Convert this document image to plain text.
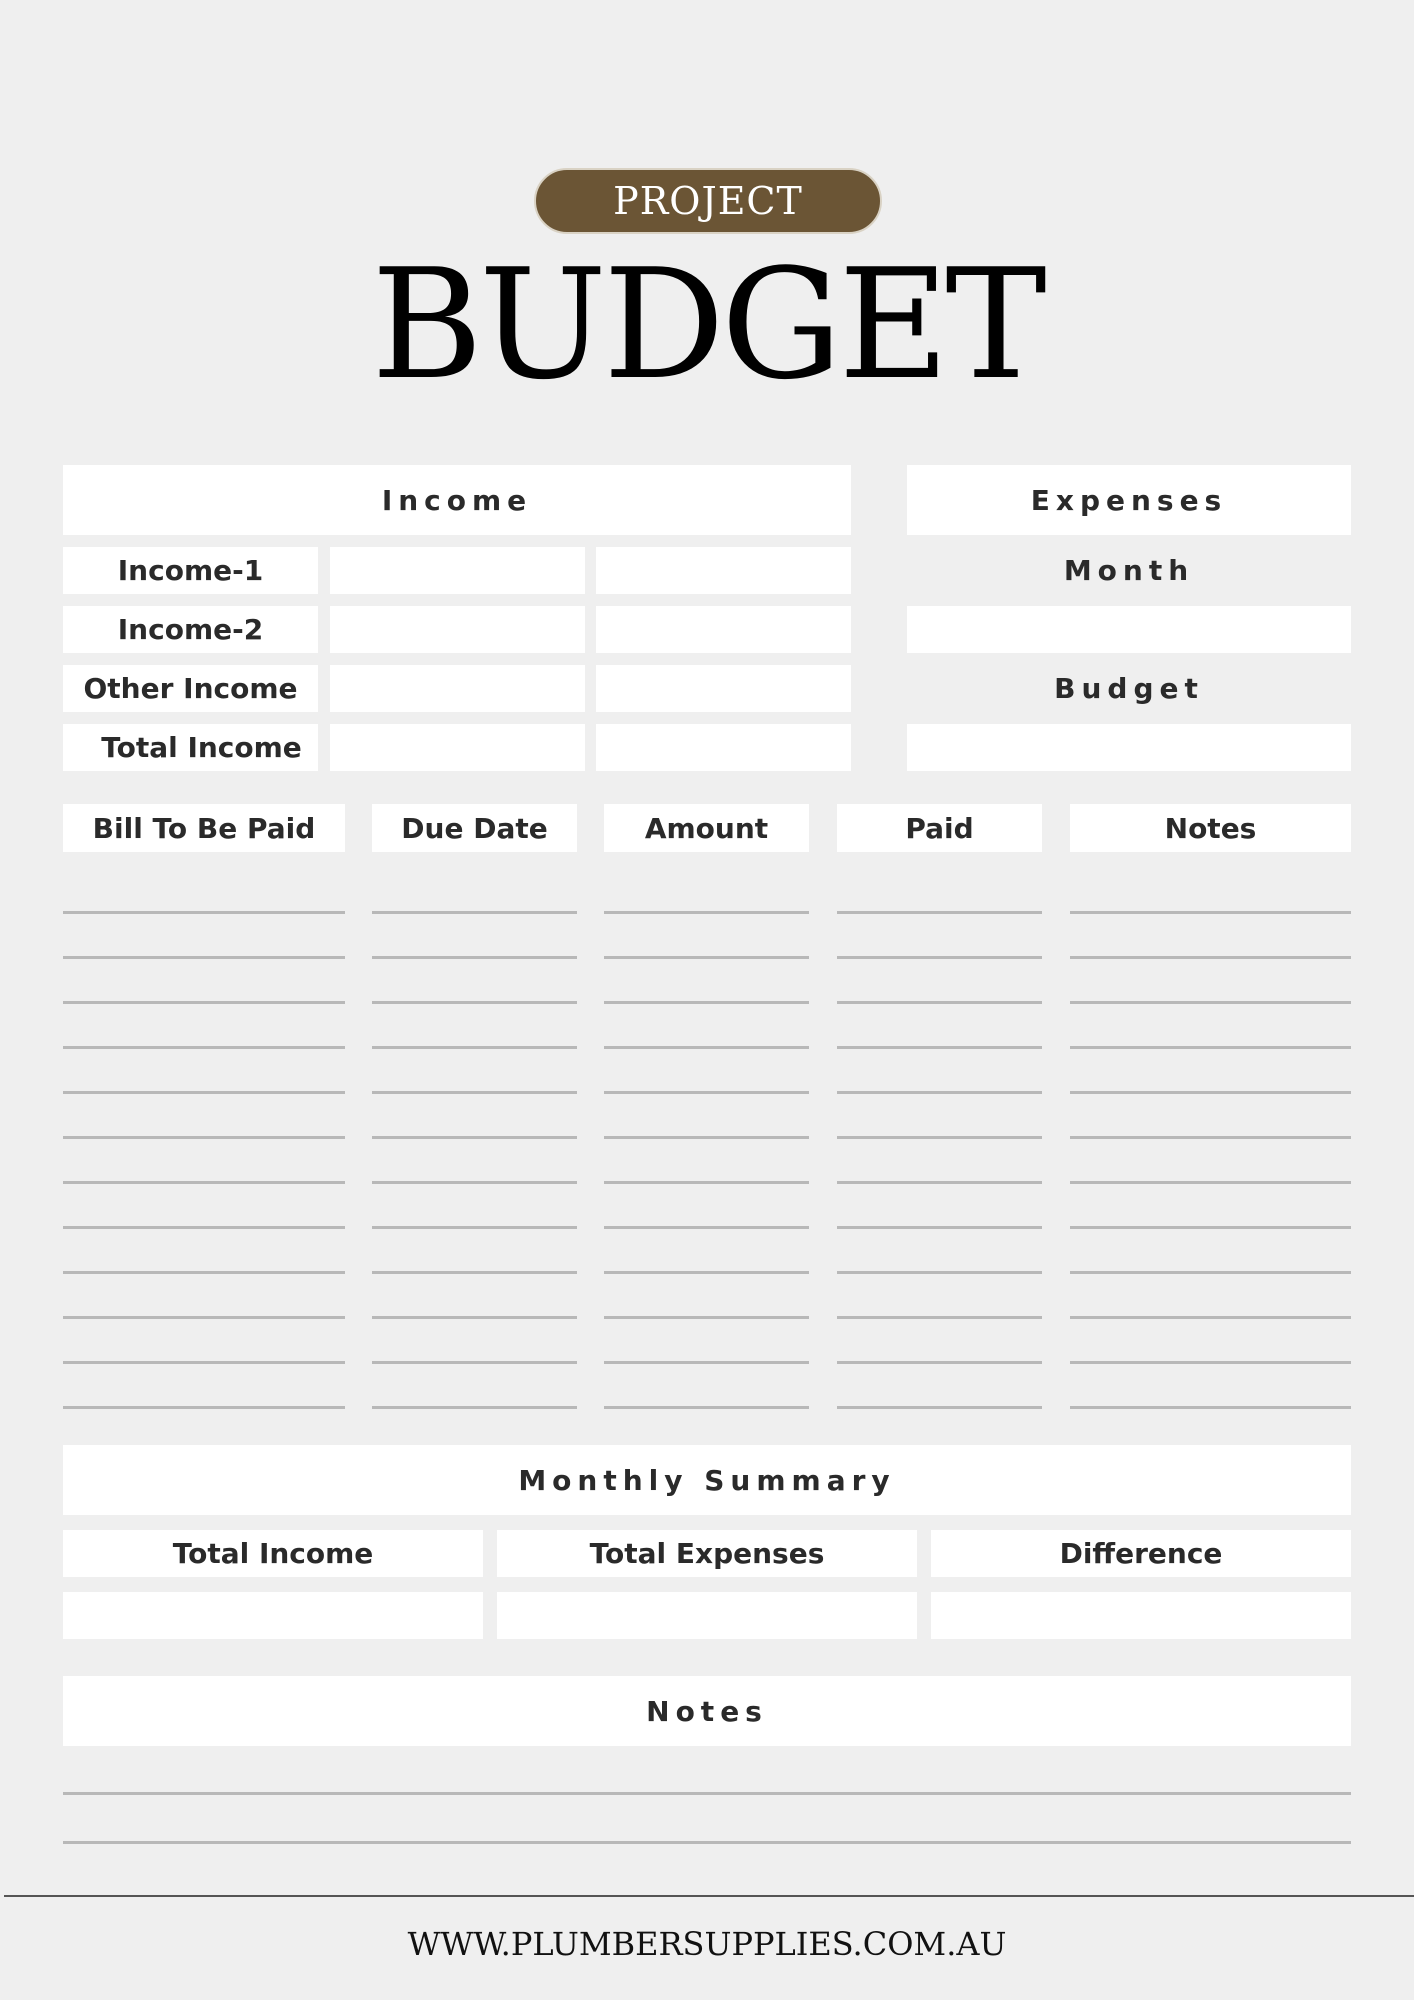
PROJECT
BUDGET
Income
Income-1
Income-2
Other Income
Total Income
Expenses
Month
Budget
Bill To Be Paid	Due Date	Amount	Paid	Notes
Monthly Summary
Total Income	Total Expenses	Difference
Notes
WWW.PLUMBERSUPPLIES.COM.AU
